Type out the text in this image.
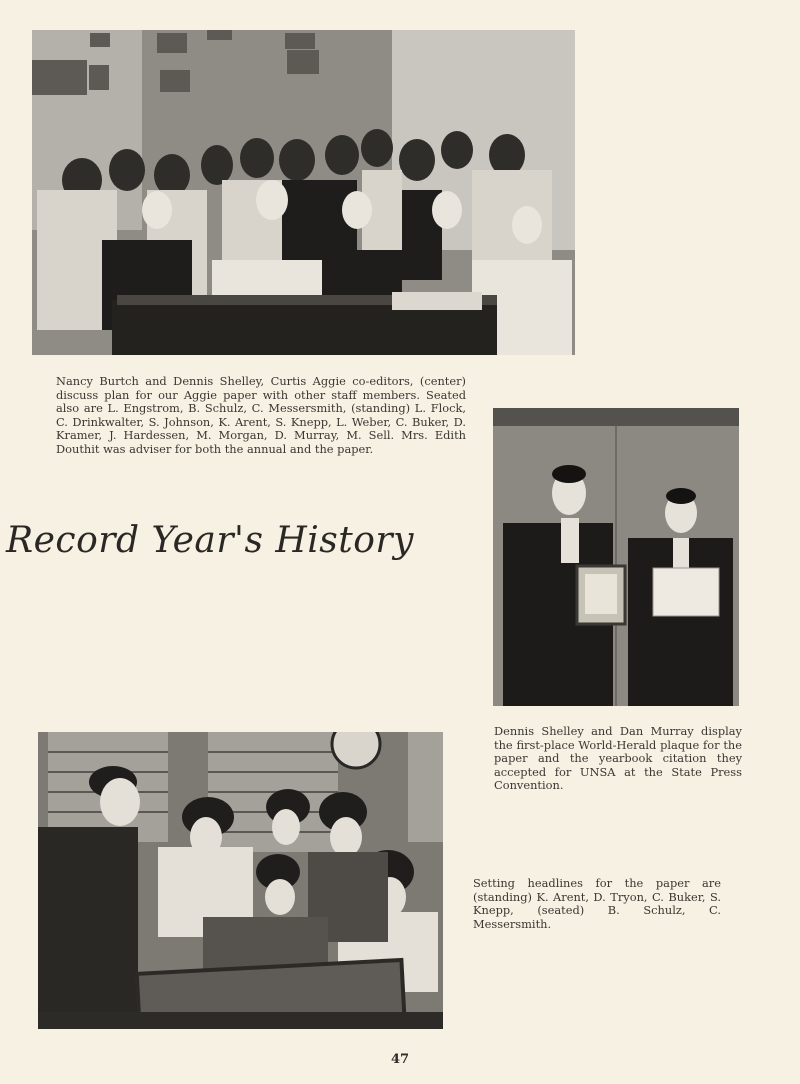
Nancy Burtch and Dennis Shelley, Curtis Aggie co-editors, (center) discuss plan for our Aggie paper with other staff members. Seated also are L. Engstrom, B. Schulz, C. Messersmith, (standing) L. Flock, C. Drinkwalter, S. Johnson, K. Arent, S. Knepp, L. Weber, C. Buker, D. Kramer, J. Hardessen, M. Morgan, D. Murray, M. Sell. Mrs. Edith Douthit was adviser for both the annual and the paper.

Record Year's History

Dennis Shelley and Dan Murray display the first-place World-Herald plaque for the paper and the yearbook citation they accepted for UNSA at the State Press Convention.

Setting headlines for the paper are (standing) K. Arent, D. Tryon, C. Buker, S. Knepp, (seated) B. Schulz, C. Messersmith.

47
